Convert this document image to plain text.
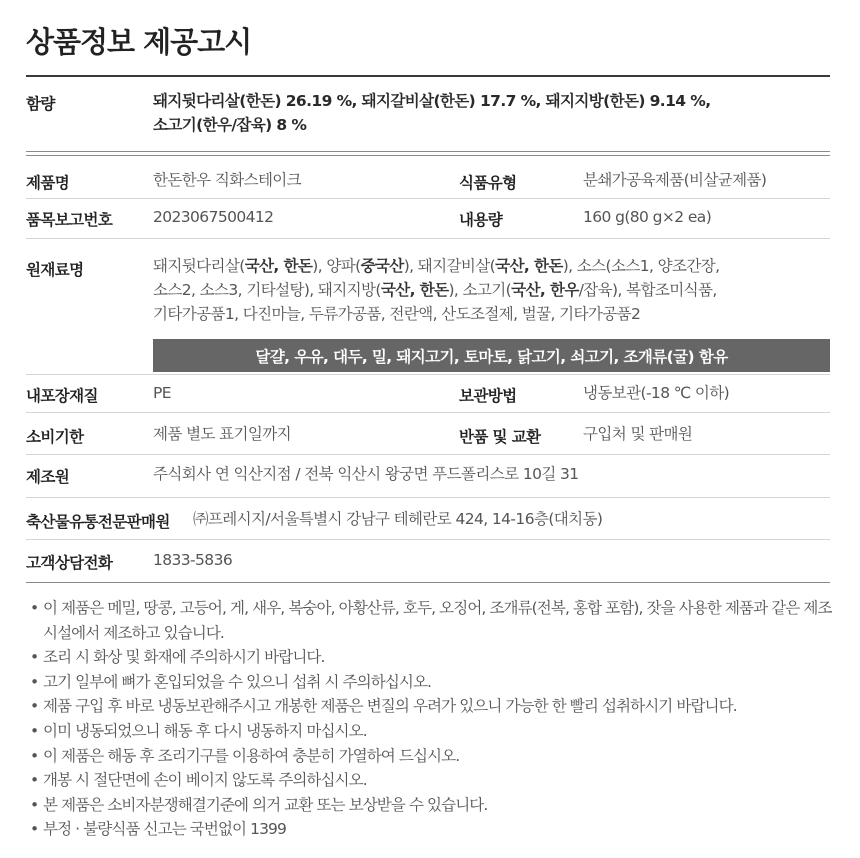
상품정보 제공고시
함량	돼지뒷다리살(한돈) 26.19 %, 돼지갈비살(한돈) 17.7 %, 돼지지방(한돈) 9.14 %,
소고기(한우/잡육) 8 %
제품명	한돈한우 직화스테이크	식품유형	분쇄가공육제품(비살균제품)
품목보고번호	2023067500412	내용량	160 g(80 g×2 ea)
원재료명	돼지뒷다리살(국산, 한돈), 양파(중국산), 돼지갈비살(국산, 한돈), 소스(소스1, 양조간장,
소스2, 소스3, 기타설탕), 돼지지방(국산, 한돈), 소고기(국산, 한우/잡육), 복합조미식품,
기타가공품1, 다진마늘, 두류가공품, 전란액, 산도조절제, 벌꿀, 기타가공품2
달걀, 우유, 대두, 밀, 돼지고기, 토마토, 닭고기, 쇠고기, 조개류(굴) 함유
내포장재질	PE	보관방법	냉동보관(-18 ℃ 이하)
소비기한	제품 별도 표기일까지	반품 및 교환	구입처 및 판매원
제조원	주식회사 연 익산지점 / 전북 익산시 왕궁면 푸드폴리스로 10길 31
축산물유통전문판매원 ㈜프레시지/서울특별시 강남구 테헤란로 424, 14-16층(대치동)
고객상담전화	1833-5836
• 이 제품은 메밀, 땅콩, 고등어, 게, 새우, 복숭아, 아황산류, 호두, 오징어, 조개류(전복, 홍합 포함), 잣을 사용한 제품과 같은 제조시설에서 제조하고 있습니다.
• 조리 시 화상 및 화재에 주의하시기 바랍니다.
• 고기 일부에 뼈가 혼입되었을 수 있으니 섭취 시 주의하십시오.
• 제품 구입 후 바로 냉동보관해주시고 개봉한 제품은 변질의 우려가 있으니 가능한 한 빨리 섭취하시기 바랍니다.
• 이미 냉동되었으니 해동 후 다시 냉동하지 마십시오.
• 이 제품은 해동 후 조리기구를 이용하여 충분히 가열하여 드십시오.
• 개봉 시 절단면에 손이 베이지 않도록 주의하십시오.
• 본 제품은 소비자분쟁해결기준에 의거 교환 또는 보상받을 수 있습니다.
• 부정 · 불량식품 신고는 국번없이 1399
